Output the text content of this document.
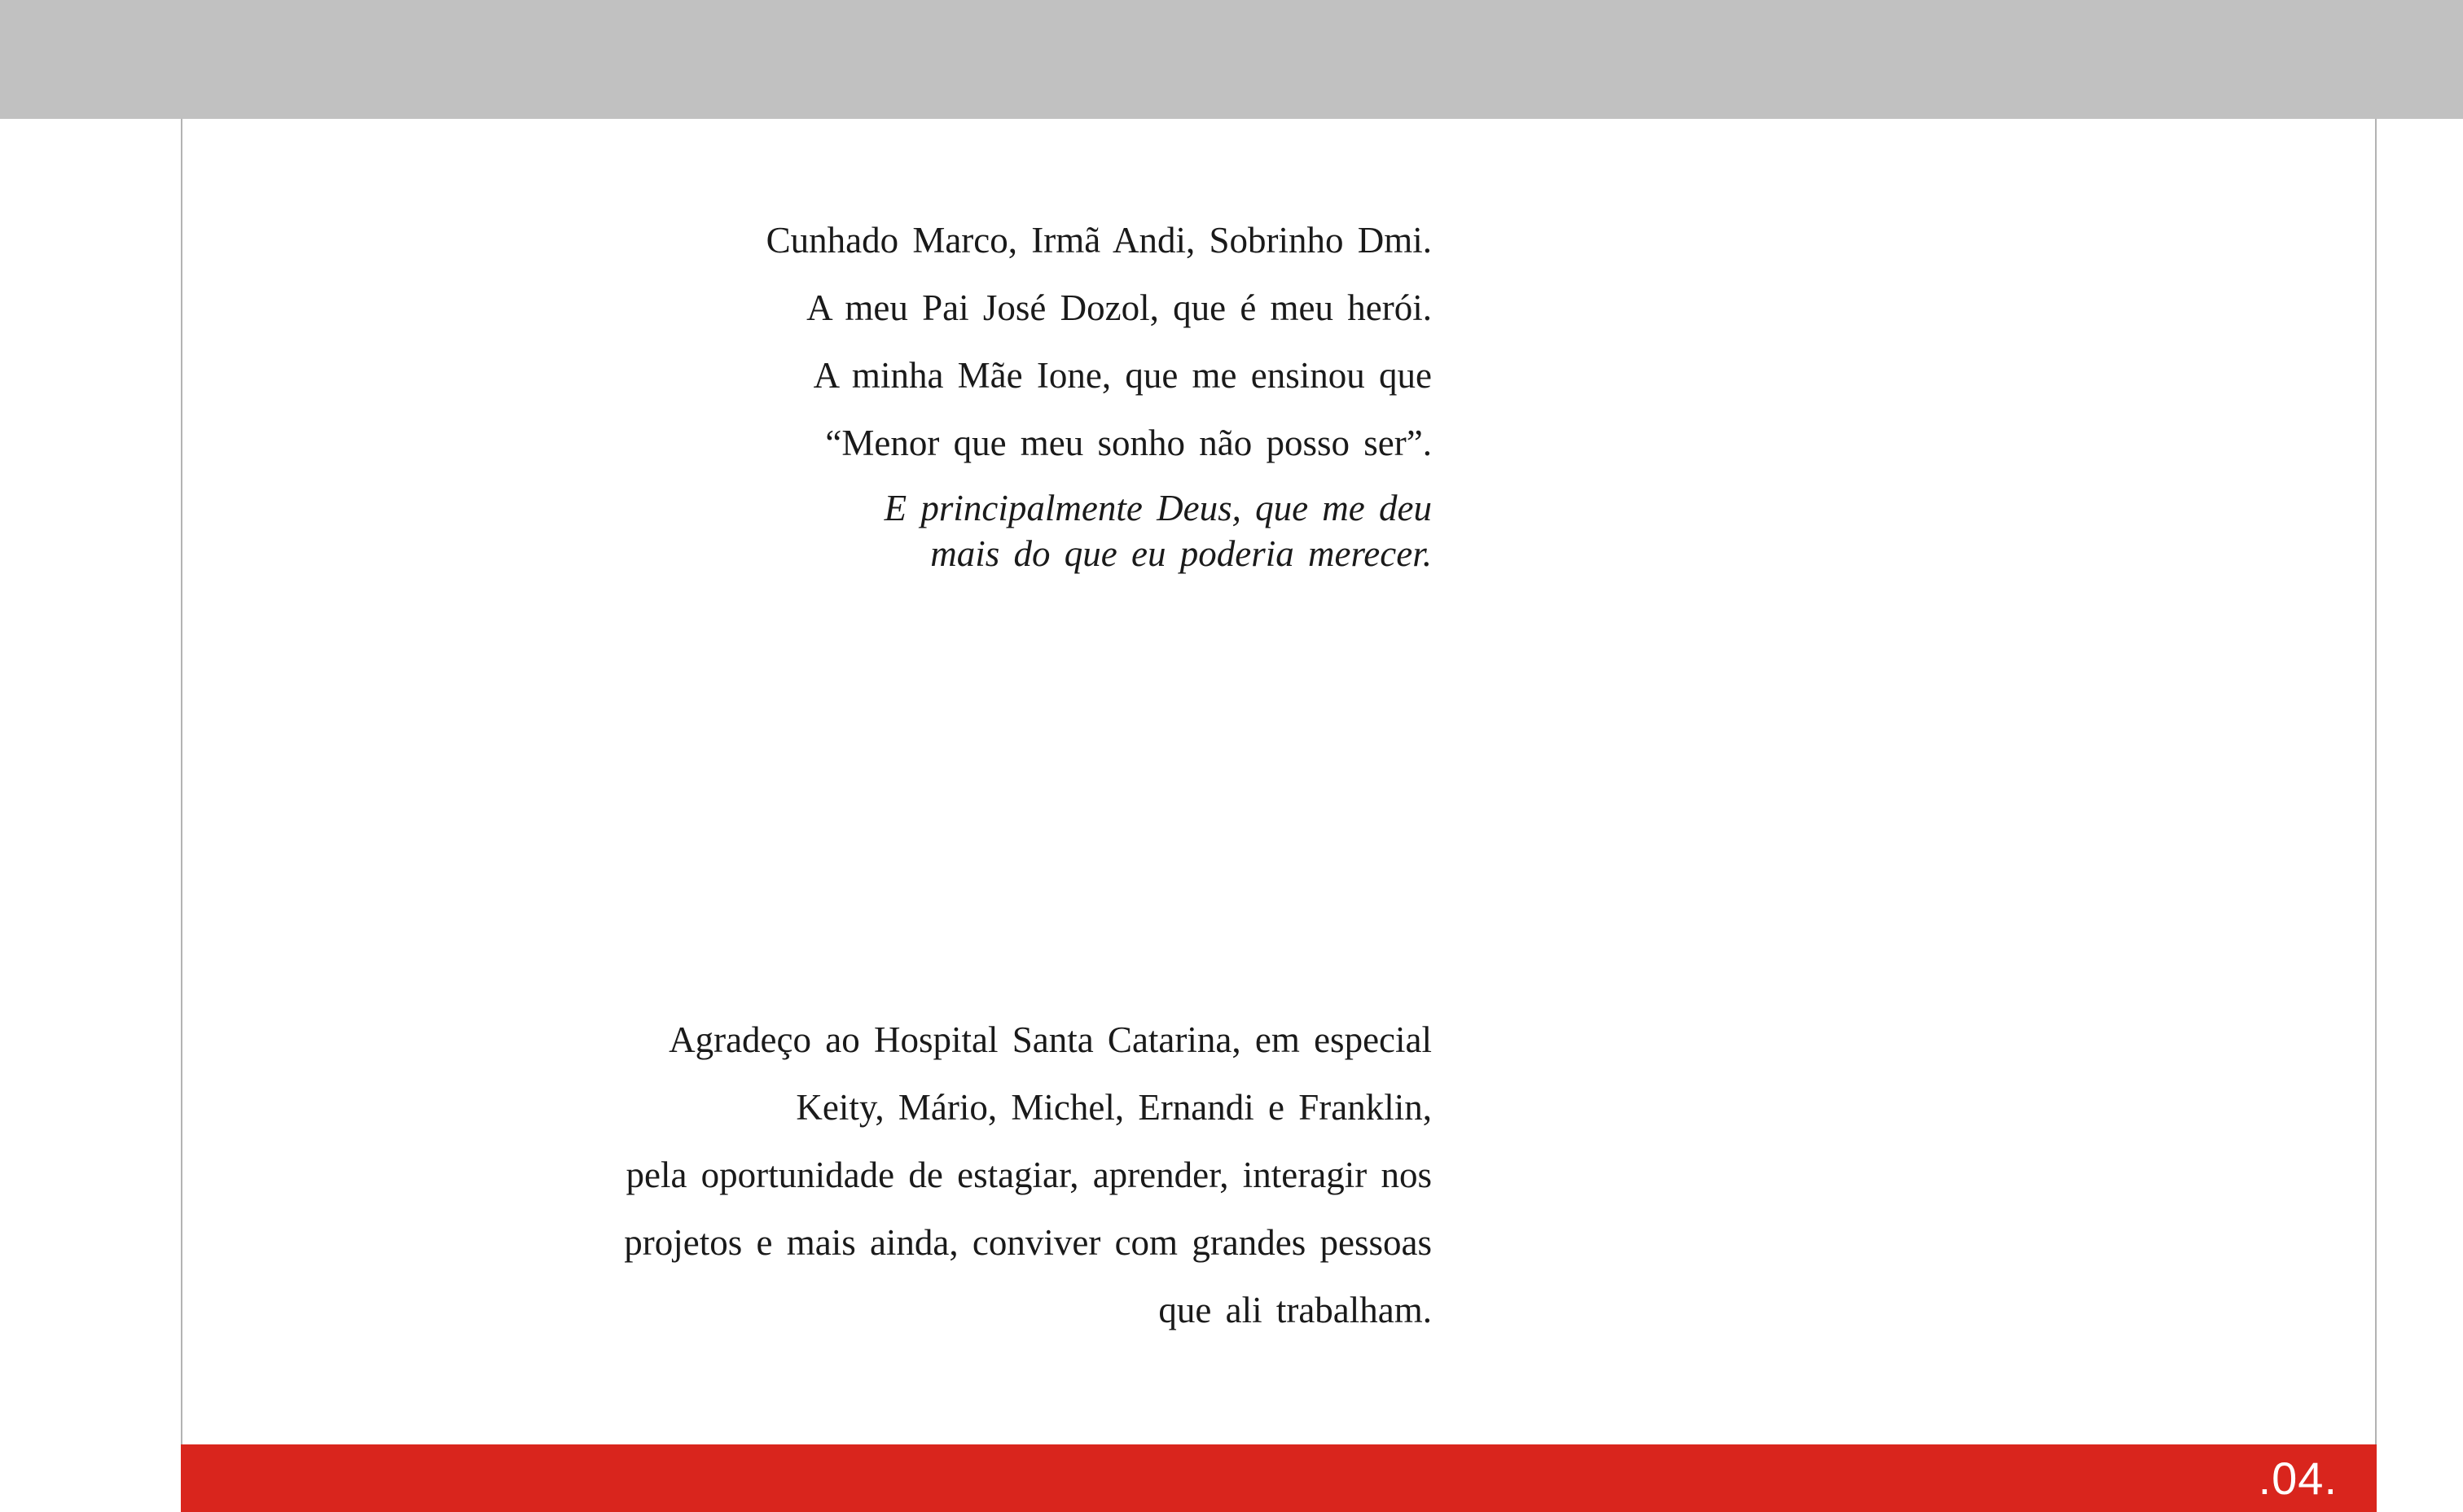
Cunhado Marco, Irmã Andi, Sobrinho Dmi.
A meu Pai José Dozol, que é meu herói.
A minha Mãe Ione, que me ensinou que
“Menor que meu sonho não posso ser”.
E principalmente Deus, que me deu
mais do que eu poderia merecer.
Agradeço ao Hospital Santa Catarina, em especial
Keity, Mário, Michel, Ernandi e Franklin,
pela oportunidade de estagiar, aprender, interagir nos
projetos e mais ainda, conviver com grandes pessoas
que ali trabalham.
.04.
